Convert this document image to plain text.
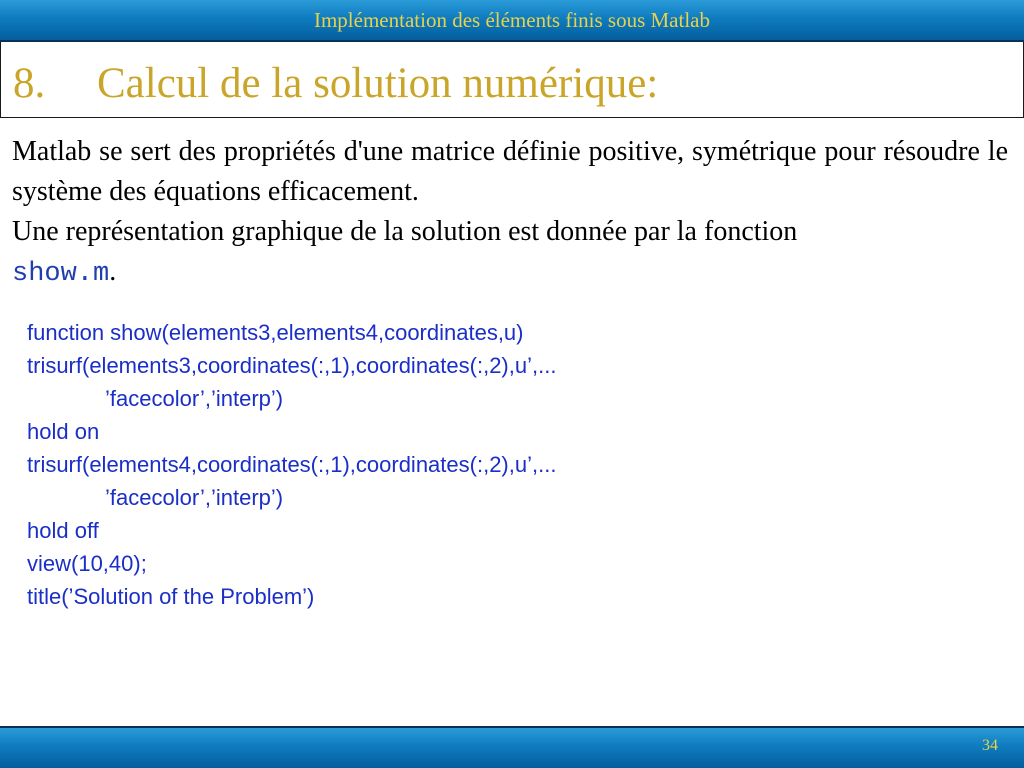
Implémentation des éléments finis sous Matlab
8. Calcul de la solution numérique:
Matlab se sert des propriétés d'une matrice définie positive, symétrique pour résoudre le système des équations efficacement.
Une représentation graphique de la solution est donnée par la fonction
show.m.
function show(elements3,elements4,coordinates,u)
trisurf(elements3,coordinates(:,1),coordinates(:,2),u’,...
’facecolor’,’interp’)
hold on
trisurf(elements4,coordinates(:,1),coordinates(:,2),u’,...
’facecolor’,’interp’)
hold off
view(10,40);
title(’Solution of the Problem’)
34
